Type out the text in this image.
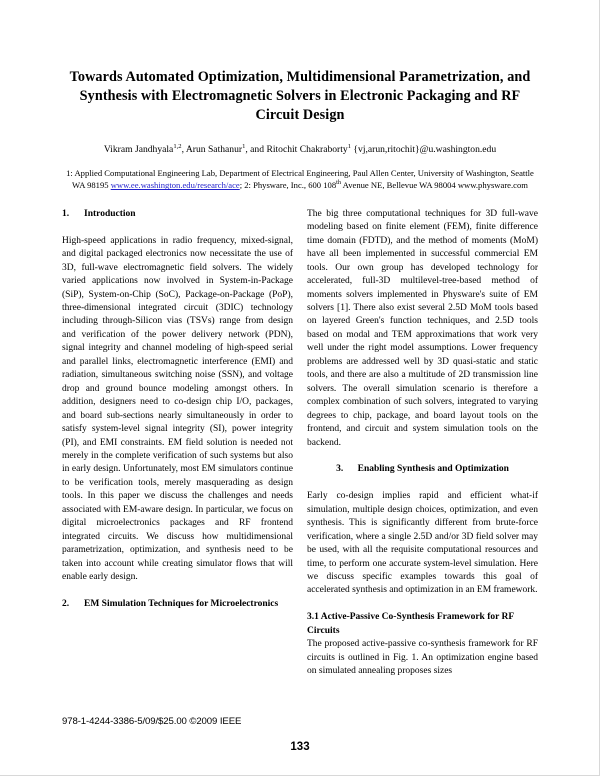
Towards Automated Optimization, Multidimensional Parametrization, and Synthesis with Electromagnetic Solvers in Electronic Packaging and RF Circuit Design
Vikram Jandhyala$^{1,2}$, Arun Sathanur$^1$, and Ritochit Chakraborty$^1$ {vj,arun,ritochit}@u.washington.edu
1: Applied Computational Engineering Lab, Department of Electrical Engineering, Paul Allen Center, University of Washington, Seattle WA 98195 www.ee.washington.edu/research/ace; 2: Physware, Inc., 600 108th Avenue NE, Bellevue WA 98004 www.physware.com
1.	Introduction

High-speed applications in radio frequency, mixed-signal, and digital packaged electronics now necessitate the use of 3D, full-wave electromagnetic field solvers. The widely varied applications now involved in System-in-Package (SiP), System-on-Chip (SoC), Package-on-Package (PoP), three-dimensional integrated circuit (3DIC) technology including through-Silicon vias (TSVs) range from design and verification of the power delivery network (PDN), signal integrity and channel modeling of high-speed serial and parallel links, electromagnetic interference (EMI) and radiation, simultaneous switching noise (SSN), and voltage drop and ground bounce modeling amongst others. In addition, designers need to co-design chip I/O, packages, and board sub-sections nearly simultaneously in order to satisfy system-level signal integrity (SI), power integrity (PI), and EMI constraints. EM field solution is needed not merely in the complete verification of such systems but also in early design. Unfortunately, most EM simulators continue to be verification tools, merely masquerading as design tools. In this paper we discuss the challenges and needs associated with EM-aware design. In particular, we focus on digital microelectronics packages and RF frontend integrated circuits. We discuss how multidimensional parametrization, optimization, and synthesis need to be taken into account while creating simulator flows that will enable early design.

2.	EM Simulation Techniques for Microelectronics

The big three computational techniques for 3D full-wave modeling based on finite element (FEM), finite difference time domain (FDTD), and the method of moments (MoM) have all been implemented in successful commercial EM tools. Our own group has developed technology for accelerated, full-3D multilevel-tree-based method of moments solvers implemented in Physware's suite of EM solvers [1]. There also exist several 2.5D MoM tools based on layered Green's function techniques, and 2.5D tools based on modal and TEM approximations that work very well under the right model assumptions. Lower frequency problems are addressed well by 3D quasi-static and static tools, and there are also a multitude of 2D transmission line solvers. The overall simulation scenario is therefore a complex combination of such solvers, integrated to varying degrees to chip, package, and board layout tools on the frontend, and circuit and system simulation tools on the backend.

3. Enabling Synthesis and Optimization

Early co-design implies rapid and efficient what-if simulation, multiple design choices, optimization, and even synthesis. This is significantly different from brute-force verification, where a single 2.5D and/or 3D field solver may be used, with all the requisite computational resources and time, to perform one accurate system-level simulation. Here we discuss specific examples towards this goal of accelerated synthesis and optimization in an EM framework.

3.1 Active-Passive Co-Synthesis Framework for RF Circuits

The proposed active-passive co-synthesis framework for RF circuits is outlined in Fig. 1. An optimization engine based on simulated annealing proposes sizes

978-1-4244-3386-5/09/$25.00 ©2009 IEEE
133
